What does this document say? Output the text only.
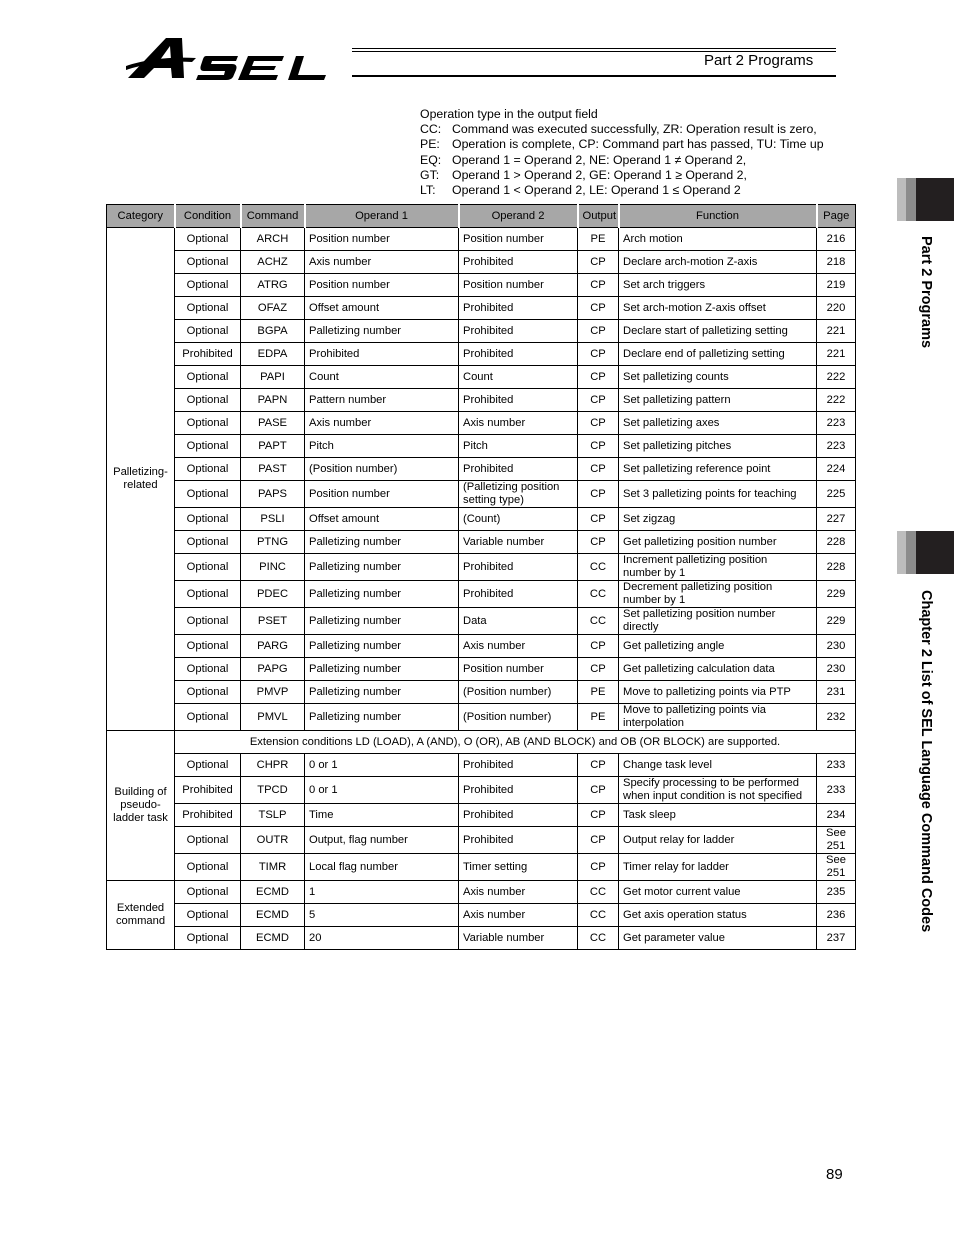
Part 2 Programs
Operation type in the output field
CC: Command was executed successfully, ZR: Operation result is zero,
PE: Operation is complete, CP: Command part has passed, TU: Time up
EQ: Operand 1 = Operand 2, NE: Operand 1 ≠ Operand 2,
GT:	Operand 1 > Operand 2, GE: Operand 1 ≥ Operand 2,
LT:	Operand 1 < Operand 2, LE: Operand 1 ≤ Operand 2
Part 2 Programs
Chapter 2 List of SEL Language Command Codes
Category	Condition	Command	Operand 1	Operand 2	Output	Function	Page
Palletizing-
related	Optional	ARCH	Position number	Position number	PE	Arch motion	216
	Optional	ACHZ	Axis number	Prohibited	CP	Declare arch-motion Z-axis	218
	Optional	ATRG	Position number	Position number	CP	Set arch triggers	219
	Optional	OFAZ	Offset amount	Prohibited	CP	Set arch-motion Z-axis offset	220
	Optional	BGPA	Palletizing number	Prohibited	CP	Declare start of palletizing setting	221
	Prohibited	EDPA	Prohibited	Prohibited	CP	Declare end of palletizing setting	221
	Optional	PAPI	Count	Count	CP	Set palletizing counts	222
	Optional	PAPN	Pattern number	Prohibited	CP	Set palletizing pattern	222
	Optional	PASE	Axis number	Axis number	CP	Set palletizing axes	223
	Optional	PAPT	Pitch	Pitch	CP	Set palletizing pitches	223
	Optional	PAST	(Position number)	Prohibited	CP	Set palletizing reference point	224
	Optional	PAPS	Position number	(Palletizing position
setting type)	CP	Set 3 palletizing points for teaching	225
	Optional	PSLI	Offset amount	(Count)	CP	Set zigzag	227
	Optional	PTNG	Palletizing number	Variable number	CP	Get palletizing position number	228
	Optional	PINC	Palletizing number	Prohibited	CC	Increment palletizing position
number by 1	228
	Optional	PDEC	Palletizing number	Prohibited	CC	Decrement palletizing position
number by 1	229
	Optional	PSET	Palletizing number	Data	CC	Set palletizing position number
directly	229
	Optional	PARG	Palletizing number	Axis number	CP	Get palletizing angle	230
	Optional	PAPG	Palletizing number	Position number	CP	Get palletizing calculation data	230
	Optional	PMVP	Palletizing number	(Position number)	PE	Move to palletizing points via PTP	231
	Optional	PMVL	Palletizing number	(Position number)	PE	Move to palletizing points via
interpolation	232
Building of
pseudo-
ladder task	Extension conditions LD (LOAD), A (AND), O (OR), AB (AND BLOCK) and OB (OR BLOCK) are supported.						
	Optional	CHPR	0 or 1	Prohibited	CP	Change task level	233
	Prohibited	TPCD	0 or 1	Prohibited	CP	Specify processing to be performed
when input condition is not specified	233
	Prohibited	TSLP	Time	Prohibited	CP	Task sleep	234
	Optional	OUTR	Output, flag number	Prohibited	CP	Output relay for ladder	See
251
	Optional	TIMR	Local flag number	Timer setting	CP	Timer relay for ladder	See
251
Extended
command	Optional	ECMD	1	Axis number	CC	Get motor current value	235
	Optional	ECMD	5	Axis number	CC	Get axis operation status	236
	Optional	ECMD	20	Variable number	CC	Get parameter value	237
89
